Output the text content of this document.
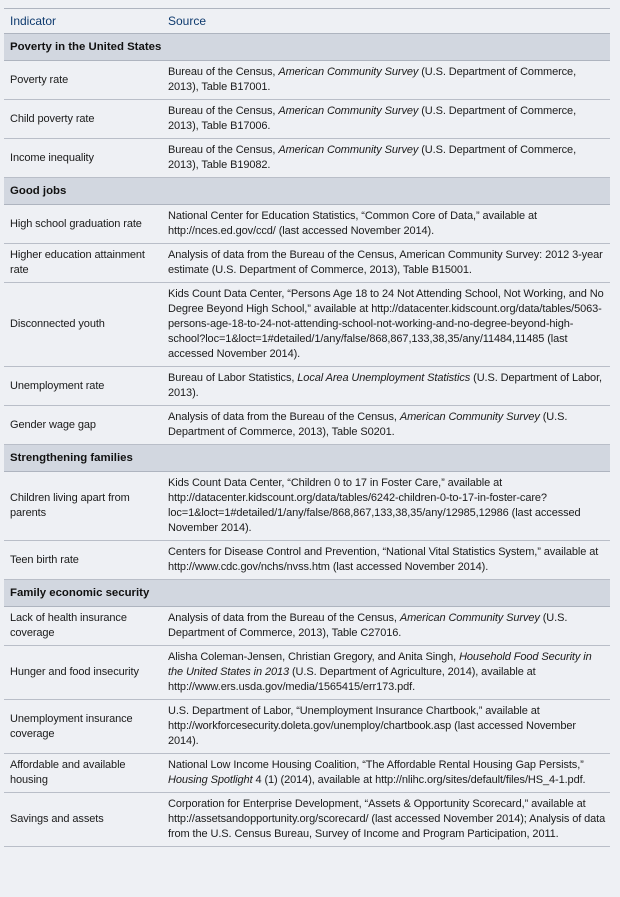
Indicator	Source
Poverty in the United States	
Poverty rate	Bureau of the Census, American Community Survey (U.S. Department of Commerce, 2013), Table B17001.
Child poverty rate	Bureau of the Census, American Community Survey (U.S. Department of Commerce, 2013), Table B17006.
Income inequality	Bureau of the Census, American Community Survey (U.S. Department of Commerce, 2013), Table B19082.
Good jobs	
High school graduation rate	National Center for Education Statistics, “Common Core of Data,” available at http://nces.ed.gov/ccd/ (last accessed November 2014).
Higher education attainment rate	Analysis of data from the Bureau of the Census, American Community Survey: 2012 3-year estimate (U.S. Department of Commerce, 2013), Table B15001.
Disconnected youth	Kids Count Data Center, “Persons Age 18 to 24 Not Attending School, Not Working, and No Degree Beyond High School,” available at http://datacenter.kidscount.org/data/tables/5063-persons-age-18-to-24-not-attending-school-not-working-and-no-degree-beyond-high-school?loc=1&loct=1#detailed/1/any/false/868,867,133,38,35/any/11484,11485 (last accessed November 2014).
Unemployment rate	Bureau of Labor Statistics, Local Area Unemployment Statistics (U.S. Department of Labor, 2013).
Gender wage gap	Analysis of data from the Bureau of the Census, American Community Survey (U.S. Department of Commerce, 2013), Table S0201.
Strengthening families	
Children living apart from parents	Kids Count Data Center, “Children 0 to 17 in Foster Care,” available at http://datacenter.kidscount.org/data/tables/6242-children-0-to-17-in-foster-care?loc=1&loct=1#detailed/1/any/false/868,867,133,38,35/any/12985,12986 (last accessed November 2014).
Teen birth rate	Centers for Disease Control and Prevention, “National Vital Statistics System,” available at http://www.cdc.gov/nchs/nvss.htm (last accessed November 2014).
Family economic security	
Lack of health insurance coverage	Analysis of data from the Bureau of the Census, American Community Survey (U.S. Department of Commerce, 2013), Table C27016.
Hunger and food insecurity	Alisha Coleman-Jensen, Christian Gregory, and Anita Singh, Household Food Security in the United States in 2013 (U.S. Department of Agriculture, 2014), available at http://www.ers.usda.gov/media/1565415/err173.pdf.
Unemployment insurance coverage	U.S. Department of Labor, “Unemployment Insurance Chartbook,” available at http://workforcesecurity.doleta.gov/unemploy/chartbook.asp (last accessed November 2014).
Affordable and available housing	National Low Income Housing Coalition, “The Affordable Rental Housing Gap Persists,” Housing Spotlight 4 (1) (2014), available at http://nlihc.org/sites/default/files/HS_4-1.pdf.
Savings and assets	Corporation for Enterprise Development, “Assets & Opportunity Scorecard,” available at http://assetsandopportunity.org/scorecard/ (last accessed November 2014); Analysis of data from the U.S. Census Bureau, Survey of Income and Program Participation, 2011.
